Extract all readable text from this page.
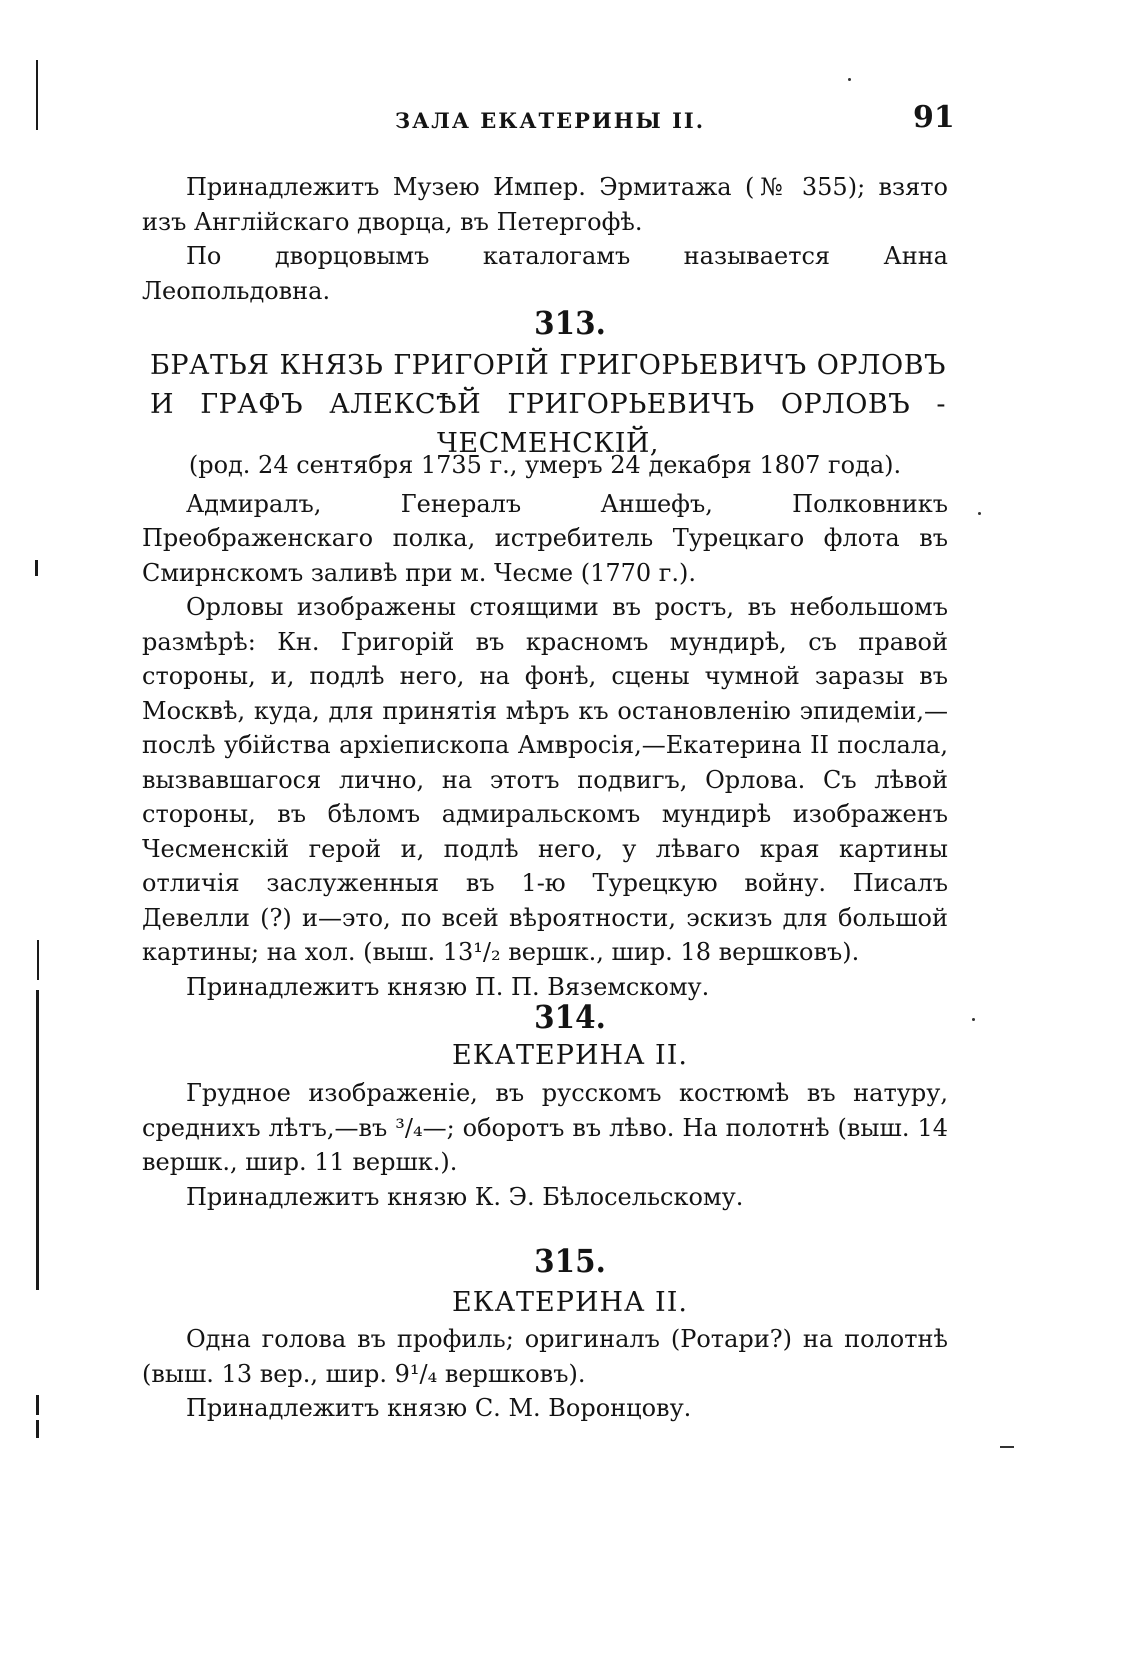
ЗАЛА ЕКАТЕРИНЫ II.	91

Принадлежитъ Музею Импер. Эрмитажа (№ 355); взято изъ Англійскаго дворца, въ Петергофѣ.

По дворцовымъ каталогамъ называется Анна Леопольдовна.

313.

БРАТЬЯ КНЯЗЬ ГРИГОРІЙ ГРИГОРЬЕВИЧЪ ОРЛОВЪ И ГРАФЪ АЛЕКСѢЙ ГРИГОРЬЕВИЧЪ ОРЛОВЪ - ЧЕСМЕНСКІЙ,

(род. 24 сентября 1735 г., умеръ 24 декабря 1807 года).

Адмиралъ, Генералъ Аншефъ, Полковникъ Преображенскаго полка, истребитель Турецкаго флота въ Смирнскомъ заливѣ при м. Чесме (1770 г.).

Орловы изображены стоящими въ ростъ, въ небольшомъ размѣрѣ: Кн. Григорій въ красномъ мундирѣ, съ правой стороны, и, подлѣ него, на фонѣ, сцены чумной заразы въ Москвѣ, куда, для принятія мѣръ къ остановленію эпидеміи,—послѣ убійства архіепископа Амвросія,—Екатерина II послала, вызвавшагося лично, на этотъ подвигъ, Орлова. Съ лѣвой стороны, въ бѣломъ адмиральскомъ мундирѣ изображенъ Чесменскій герой и, подлѣ него, у лѣваго края картины отличія заслуженныя въ 1-ю Турецкую войну. Писалъ Девелли (?) и—это, по всей вѣроятности, эскизъ для большой картины; на хол. (выш. 13¹/₂ вершк., шир. 18 вершковъ).

Принадлежитъ князю П. П. Вяземскому.

314.
ЕКАТЕРИНА II.

Грудное изображеніе, въ русскомъ костюмѣ въ натуру, среднихъ лѣтъ,—въ ³/₄—; оборотъ въ лѣво. На полотнѣ (выш. 14 вершк., шир. 11 вершк.).

Принадлежитъ князю К. Э. Бѣлосельскому.

315.
ЕКАТЕРИНА II.

Одна голова въ профиль; оригиналъ (Ротари?) на полотнѣ (выш. 13 вер., шир. 9¹/₄ вершковъ).

Принадлежитъ князю С. М. Воронцову.
